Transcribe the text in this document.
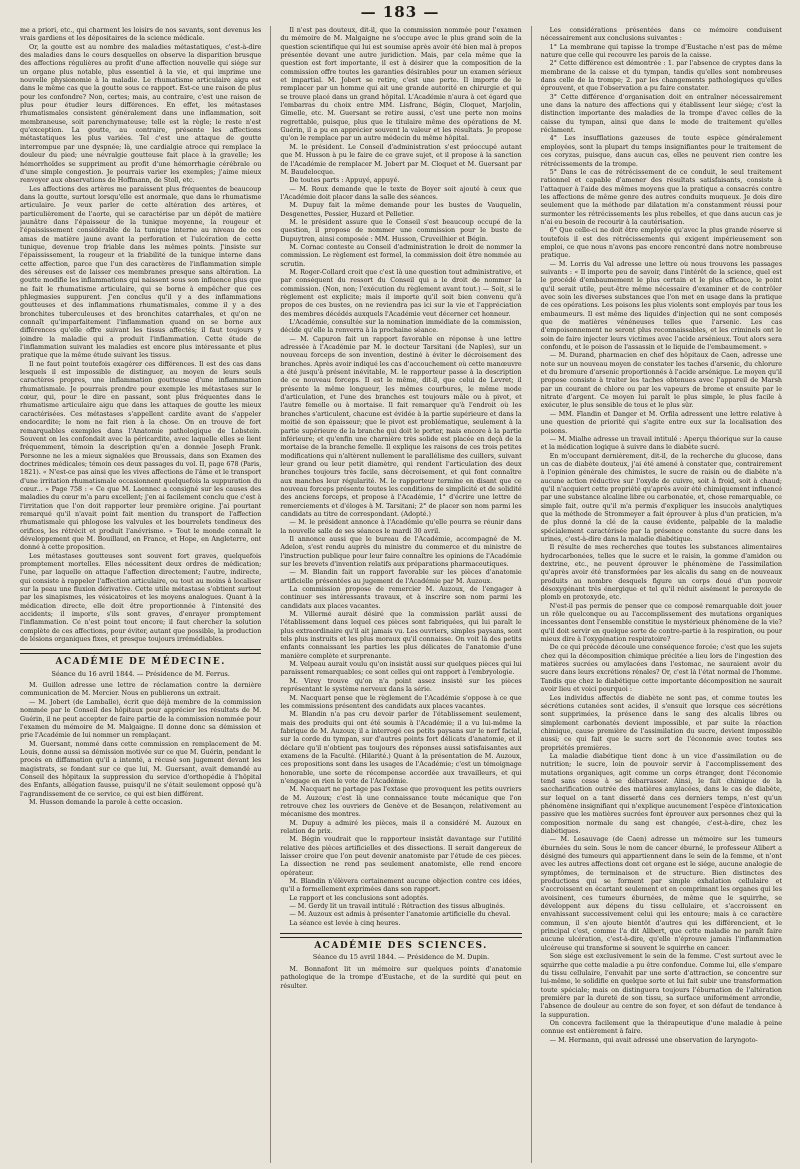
— 183 —

me a priori, etc., qui charment les loisirs de nos savants, sont devenus les vrais gardiens et les dépositaires de la science médicale.

Or, la goutte est au nombre des maladies métastatiques, c'est-à-dire des maladies dans le cours desquelles on observe la disparition brusque des affections régulières au profit d'une affection nouvelle qui siége sur un organe plus notable, plus essentiel à la vie, et qui imprime une nouvelle physionomie à la maladie. Le rhumatisme articulaire aigu est dans le même cas que la goutte sous ce rapport. Est-ce une raison de plus pour les confondre? Non, certes; mais, au contraire, c'est une raison de plus pour étudier leurs différences. En effet, les métastases rhumatismales consistent généralement dans une inflammation, soit membraneuse, soit parenchymateuse; telle est la règle; le reste n'est qu'exception. La goutte, au contraire, présente les affections métastatiques les plus variées. Tel c'est une attaque de goutte interrompue par une dyspnée; là, une cardialgie atroce qui remplace la douleur du pied; une névralgie goutteuse fait place à la gravelle; les hémorrhoïdes se suppriment au profit d'une hémorrhagie cérébrale ou d'une simple congestion. Je pourrais varier les exemples; j'aime mieux renvoyer aux observations de Hoffmann, de Stoll, etc.

Les affections des artères me paraissent plus fréquentes de beaucoup dans la goutte, surtout lorsqu'elle est anormale, que dans le rhumatisme articulaire. Je veux parler de cette altération des artères, et particulièrement de l'aorte, qui se caractérise par un dépôt de matière jaunâtre dans l'épaisseur de la tunique moyenne, la rougeur et l'épaississement considérable de la tunique interne au niveau de ces amas de matière jaune avant la perforation et l'ulcération de cette tunique, devenue trop friable dans les mêmes points. J'insiste sur l'épaississement, la rougeur et la friabilité de la tunique interne dans cette affection, parce que l'un des caractères de l'inflammation simple des séreuses est de laisser ces membranes presque sans altération. La goutte modifie les inflammations qui naissent sous son influence plus que ne fait le rhumatisme articulaire, qui se borne à empêcher que ces phlegmasies suppurent. J'en conclus qu'il y a des inflammations goutteuses et des inflammations rhumatismales, comme il y a des bronchites tuberculeuses et des bronchites catarrhales, et qu'on ne connaît qu'imparfaitement l'inflammation quand on se borne aux différences qu'elle offre suivant les tissus affectés; il faut toujours y joindre la maladie qui a produit l'inflammation. Cette étude de l'inflammation suivant les maladies est encore plus intéressante et plus pratique que la même étude suivant les tissus.

Il ne faut point toutefois exagérer ces différences. Il est des cas dans lesquels il est impossible de distinguer, au moyen de leurs seuls caractères propres, une inflammation goutteuse d'une inflammation rhumatismale. Je pourrais prendre pour exemple les métastases sur le cœur, qui, pour le dire en passant, sont plus fréquentes dans le rhumatisme articulaire aigu que dans les attaques de goutte les mieux caractérisées. Ces métastases s'appellent cardite avant de s'appeler endocardite; le nom ne fait rien à la chose. On en trouve de fort remarquables exemples dans l'Anatomie pathologique de Lobstein. Souvent on les confondait avec la péricardite, avec laquelle elles se lient fréquemment, témoin la description qu'en a donnée Joseph Frank. Personne ne les a mieux signalées que Broussais, dans son Examen des doctrines médicales; témoin ces deux passages du vol. II, page 678 (Paris, 1821). « N'est-ce pas ainsi que les vives affections de l'âme et le transport d'une irritation rhumatismale occasionnent quelquefois la suppuration du cœur... » Page 758 : « Ce que M. Laennec a consigné sur les causes des maladies du cœur m'a paru excellent; j'en ai facilement conclu que c'est à l'irritation que l'on doit rapporter leur première origine. J'ai pourtant remarqué qu'il n'avait point fait mention du transport de l'affection rhumatismale qui phlogose les valvules et les bourrelets tendineux des orifices, les rétrécit et produit l'anévrisme. » Tout le monde connaît le développement que M. Bouillaud, en France, et Hope, en Angleterre, ont donné à cette proposition.

Les métastases goutteuses sont souvent fort graves, quelquefois promptement mortelles. Elles nécessitent deux ordres de médication; l'une, par laquelle on attaque l'affection directement; l'autre, indirecte, qui consiste à rappeler l'affection articulaire, ou tout au moins à localiser sur la peau une fluxion dérivative. Cette utile métastase s'obtient surtout par les sinapismes, les vésicatoires et les moyens analogues. Quant à la médication directe, elle doit être proportionnée à l'intensité des accidents; il importe, s'ils sont graves, d'enrayer promptement l'inflammation. Ce n'est point tout encore; il faut chercher la solution complète de ces affections, pour éviter, autant que possible, la production de lésions organiques fixes, et presque toujours irrémédiables.

ACADÉMIE DE MÉDECINE.
Séance du 16 avril 1844. — Présidence de M. Ferrus.

M. Guillon adresse une lettre de réclamation contre la dernière communication de M. Mercier. Nous en publierons un extrait.

— M. Jobert (de Lamballe), écrit que déjà membre de la commission nommée par le Conseil des hôpitaux pour apprécier les résultats de M. Guérin, il ne peut accepter de faire partie de la commission nommée pour l'examen du mémoire de M. Malgaigne. Il donne donc sa démission et prie l'Académie de lui nommer un remplaçant.

M. Guersant, nommé dans cette commission en remplacement de M. Louis, donne aussi sa démission motivée sur ce que M. Guérin, pendant le procès en diffamation qu'il a intenté, a récusé son jugement devant les magistrats, se fondant sur ce que lui, M. Guersant, avait demandé au Conseil des hôpitaux la suppression du service d'orthopédie à l'hôpital des Enfants, allégation fausse, puisqu'il ne s'était seulement opposé qu'à l'agrandissement de ce service, ce qui est bien différent.

M. Husson demande la parole à cette occasion.

Il n'est pas douteux, dit-il, que la commission nommée pour l'examen du mémoire de M. Malgaigne ne s'occupe avec le plus grand soin de la question scientifique qui lui est soumise après avoir été bien mal à propos présentée devant une autre juridiction. Mais, par cela même que la question est fort importante, il est à désirer que la composition de la commission offre toutes les garanties désirables pour un examen sérieux et impartial. M. Jobert se retire, c'est une perte. Il importe de le remplacer par un homme qui ait une grande autorité en chirurgie et qui se trouve placé dans un grand hôpital. L'Académie n'aura à cet égard que l'embarras du choix entre MM. Lisfranc, Bégin, Cloquet, Marjolin, Gimelle, etc. M. Guersant se retire aussi, c'est une perte non moins regrettable, puisque, plus que le titulaire même des opérations de M. Guérin, il a pu en apprécier souvent la valeur et les résultats. Je propose qu'on le remplace par un autre médecin du même hôpital.

M. le président. Le Conseil d'administration s'est préoccupé autant que M. Husson à pu le faire de ce grave sujet, et il propose à la sanction de l'Académie de remplacer M. Jobert par M. Cloquet et M. Guersant par M. Baudelocque.

De toutes parts : Appuyé, appuyé.

— M. Roux demande que le texte de Boyer soit ajouté à ceux que l'Académie doit placer dans la salle des séances.

M. Dupuy fait la même demande pour les bustes de Vauquelin, Desgenettes, Pessier, Huzard et Pelletier.

M. le président assure que le Conseil s'est beaucoup occupé de la question, il propose de nommer une commission pour le buste de Dupuytren, ainsi composée : MM. Husson, Cruveilhier et Bégin.

M. Cornac conteste au Conseil d'administration le droit de nommer la commission. Le règlement est formel, la commission doit être nommée au scrutin.

M. Roger-Collard croit que c'est là une question tout administrative, et par conséquent du ressort du Conseil qui a le droit de nommer la commission. (Non, non; l'exécution du règlement avant tout.) — Soit, si le règlement est explicite; mais il importe qu'il soit bien convenu qu'à propos de ces bustes, on ne reviendra pas ici sur la vie et l'appréciation des membres décédés auxquels l'Académie veut décerner cet honneur.

L'Académie, consultée sur la nomination immédiate de la commission, décide qu'elle la renverra à la prochaine séance.

— M. Capuron fait un rapport favorable en réponse à une lettre adressée à l'Académie par M. le docteur Tarsitani (de Naples), sur un nouveau forceps de son invention, destiné à éviter le décroisement des branches. Après avoir indiqué les cas d'accouchement où cette manœuvre a été jusqu'à présent inévitable, M. le rapporteur passe à la description de ce nouveau forceps. Il est le même, dit-il, que celui de Levret; il présente la même longueur, les mêmes courbures, le même mode d'articulation, et l'une des branches est toujours mâle ou à pivot, et l'autre femelle ou à mortaise. Il fait remarquer qu'à l'endroit où les branches s'articulent, chacune est évidée à la partie supérieure et dans la moitié de son épaisseur; que le pivot est problématique, seulement à la partie supérieure de la branche qui doit le porter, mais encore à la partie inférieure; et qu'enfin une charnière très solide est placée en deçà de la mortaise de la branche femelle. Il explique les raisons de ces trois petites modifications qui n'altèrent nullement le parallélisme des cuillers, suivant leur grand ou leur petit diamètre, qui rendent l'articulation des deux branches toujours très facile, sans décroisement, et qui font connaître aux manches leur régularité. M. le rapporteur termine en disant que ce nouveau forceps présente toutes les conditions de simplicité et de solidité des anciens forceps, et propose à l'Académie, 1° d'écrire une lettre de remerciements et d'éloges à M. Tarsitani; 2° de placer son nom parmi les candidats au titre de correspondant. (Adopté.)

— M. le président annonce à l'Académie qu'elle pourra se réunir dans la nouvelle salle de ses séances le mardi 30 avril.

Il annonce aussi que le bureau de l'Académie, accompagné de M. Adelon, s'est rendu auprès du ministre du commerce et du ministre de l'instruction publique pour leur faire connaître les opinions de l'Académie sur les brevets d'invention relatifs aux préparations pharmaceutiques.

— M. Blandin fait un rapport favorable sur les pièces d'anatomie artificielle présentées au jugement de l'Académie par M. Auzoux.

La commission propose de remercier M. Auzoux, de l'engager à continuer ses intéressants travaux, et à inscrire son nom parmi les candidats aux places vacantes.

M. Villermé aurait désiré que la commission parlât aussi de l'établissement dans lequel ces pièces sont fabriquées, qui lui paraît le plus extraordinaire qu'il ait jamais vu. Les ouvriers, simples paysans, sont tels plus instruits et les plus moraux qu'il connaisse. On voit là des petits enfants connaissant les parties les plus délicates de l'anatomie d'une manière complète et surprenante.

M. Velpeau aurait voulu qu'on insistât aussi sur quelques pièces qui lui paraissent remarquables; ce sont celles qui ont rapport à l'embryologie.

M. Virey trouve qu'on n'a point assez insisté sur les pièces représentant le système nerveux dans la série.

M. Nacquart pense que le règlement de l'Académie s'oppose à ce que les commissions présentent des candidats aux places vacantes.

M. Blandin n'a pas cru devoir parler de l'établissement seulement, mais des produits qui ont été soumis à l'Académie; il a vu lui-même la fabrique de M. Auzoux; il a interrogé ces petits paysans sur le nerf facial, sur la corde du tympan, sur d'autres points fort délicats d'anatomie, et il déclare qu'il n'obtient pas toujours des réponses aussi satisfaisantes aux examens de la Faculté. (Hilarité.) Quant à la présentation de M. Auzoux, ces propositions sont dans les usages de l'Académie; c'est un témoignage honorable, une sorte de récompense accordée aux travailleurs, et qui n'engage en rien le vote de l'Académie.

M. Nacquart ne partage pas l'extase que provoquent les petits ouvriers de M. Auzoux; c'est là une connaissance toute mécanique que l'on retrouve chez les ouvriers de Genève et de Besançon, relativement au mécanisme des montres.

M. Dupuy a admiré les pièces, mais il a considéré M. Auzoux en relation de prix.

M. Bégin voudrait que le rapporteur insistât davantage sur l'utilité relative des pièces artificielles et des dissections. Il serait dangereux de laisser croire que l'on peut devenir anatomiste par l'étude de ces pièces. La dissection ne rend pas seulement anatomiste, elle rend encore opérateur.

M. Blandin n'élèvera certainement aucune objection contre ces idées, qu'il a formellement exprimées dans son rapport.

Le rapport et les conclusions sont adoptés.

— M. Gerdy lit un travail intitulé : Rétraction des tissus albuginés.

— M. Auzoux est admis à présenter l'anatomie artificielle du cheval.

La séance est levée à cinq heures.

ACADÉMIE DES SCIENCES.
Séance du 15 avril 1844. — Présidence de M. Dupin.

M. Bonnafont lit un mémoire sur quelques points d'anatomie pathologique de la trompe d'Eustache, et de la surdité qui peut en résulter.

Les considérations présentées dans ce mémoire conduisent nécessairement aux conclusions suivantes :

1° La membrane qui tapisse la trompe d'Eustache n'est pas de même nature que celle qui recouvre les parois de la caisse.

2° Cette différence est démontrée : 1. par l'absence de cryptes dans la membrane de la caisse et du tympan, tandis qu'elles sont nombreuses dans celle de la trompe; 2. par les changements pathologiques qu'elles éprouvent, et que l'observation a pu faire constater.

3° Cette différence d'organisation doit en entraîner nécessairement une dans la nature des affections qui y établissent leur siége; c'est la distinction importante des maladies de la trompe d'avec celles de la caisse du tympan, ainsi que dans le mode de traitement qu'elles réclament.

4° Les insufflations gazeuses de toute espèce généralement employées, sont la plupart du temps insignifiantes pour le traitement de ces coryzas, puisque, dans aucun cas, elles ne peuvent rien contre les rétrécissements de la trompe.

5° Dans le cas de rétrécissement de ce conduit, le seul traitement rationnel et capable d'amener des résultats satisfaisants, consiste à l'attaquer à l'aide des mêmes moyens que la pratique a consacrés contre les affections de même genre des autres conduits muqueux. Je dois dire seulement que la méthode par dilatation m'a constamment réussi pour surmonter les rétrécissements les plus rebelles, et que dans aucun cas je n'ai eu besoin de recourir à la cautérisation.

6° Que celle-ci ne doit être employée qu'avec la plus grande réserve si toutefois il est des rétrécissements qui exigent impérieusement son emploi, ce que nous n'avons pas encore rencontré dans notre nombreuse pratique.

— M. Lorris du Val adresse une lettre où nous trouvons les passages suivants : « Il importe peu de savoir, dans l'intérêt de la science, quel est le procédé d'embaumement le plus certain et le plus efficace, le point qu'il serait utile, peut-être même nécessaire d'examiner et de contrôler avec soin les diverses substances que l'on met en usage dans la pratique de ces opérations. Les poisons les plus violents sont employés par tous les embaumeurs. Il est même des liquides d'injection qui ne sont composés que de matières vénéneuses telles que l'arsenic. Les cas d'empoisonnement ne seront plus reconnaissables, et les criminels ont le soin de faire injecter leurs victimes avec l'acide arsénieux. Tout alors sera confondu, et le poison de l'assassin et le liquide de l'embaumement. »

— M. Durand, pharmacien en chef des hôpitaux de Caen, adresse une note sur un nouveau moyen de constater les taches d'arsenic, du chlorure et du bromure d'arsenic proportionnés à l'acide arsénique. Le moyen qu'il propose consiste à traiter les taches obtenues avec l'appareil de Marsh par un courant de chlore ou par les vapeurs de brome et ensuite par le nitrate d'argent. Ce moyen lui paraît le plus simple, le plus facile à exécuter, le plus sensible de tous et le plus sûr.

— MM. Flandin et Danger et M. Orfila adressent une lettre relative à une question de priorité qui s'agite entre eux sur la localisation des poisons.

— M. Mialhe adresse un travail intitulé : Aperçu théorique sur la cause et la médication logique à suivre dans le diabète sucré.

En m'occupant dernièrement, dit-il, de la recherche du glucose, dans un cas de diabète douteux, j'ai été amené à constater que, contrairement à l'opinion générale des chimistes, le sucre de raisin ou de diabète n'a aucune action réductive sur l'oxyde de cuivre, soit à froid, soit à chaud; qu'il n'acquiert cette propriété qu'après avoir été chimiquement influencé par une substance alcaline libre ou carbonatée, et, chose remarquable, ce simple fait, outre qu'il m'a permis d'expliquer les insuccès analytiques que la méthode de Strommeyer a fait éprouver à plus d'un praticien, m'a de plus donné la clé de la cause évidente, palpable de la maladie spécialement caractérisée par la présence constante du sucre dans les urines, c'est-à-dire dans la maladie diabétique.

Il résulte de mes recherches que toutes les substances alimentaires hydrocarbonées, telles que le sucre et le raisin, la gomme d'amidon ou dextrine, etc., ne peuvent éprouver le phénomène de l'assimilation qu'après avoir été transformées par les alcalis du sang en de nouveaux produits au nombre desquels figure un corps doué d'un pouvoir désoxygénant très énergique et tel qu'il réduit aisément le peroxyde de plomb en protoxyde, etc.

N'est-il pas permis de penser que ce composé remarquable doit jouer un rôle quelconque ou au l'accomplissement des mutations organiques incessantes dont l'ensemble constitue le mystérieux phénomène de la vie? qu'il doit servir en quelque sorte de contre-partie à la respiration, ou pour mieux dire à l'oxygénation respiratoire?

De ce qui précède découle une conséquence forcée; c'est que les sujets chez qui la décomposition chimique précitée a lieu lors de l'ingestion des matières sucrées ou amylacées dans l'estomac, ne sauraient avoir du sucre dans leurs excrétions rénales? Or, c'est là l'état normal de l'homme. Tandis que chez le diabétique cette importante décomposition ne saurait avoir lieu et voici pourquoi :

Les individus affectés de diabète ne sont pas, et comme toutes les sécrétions cutanées sont acides, il s'ensuit que lorsque ces sécrétions sont supprimées, la présence dans le sang des alcalis libres ou simplement carbonatés devient impossible, et par suite la réaction chimique, cause première de l'assimilation du sucre, devient impossible aussi; ce qui fait que le sucre sort de l'économie avec toutes ses propriétés premières.

La maladie diabétique tient donc à un vice d'assimilation ou de nutrition; le sucre, loin de pouvoir servir à l'accomplissement des mutations organiques, agit comme un corps étranger, dont l'économie tend sans cesse à se débarrasser. Ainsi, le fait chimique de la saccharification outrée des matières amylacées, dans le cas de diabète, sur lequel on a tant disserté dans ces derniers temps, n'est qu'un phénomène insignifiant qui n'explique aucunement l'espèce d'intoxication passive que les matières sucrées font éprouver aux personnes chez qui la composition normale du sang est changée, c'est-à-dire, chez les diabétiques.

— M. Lesauvage (de Caen) adresse un mémoire sur les tumeurs éburnées du sein. Sous le nom de cancer éburné, le professeur Alibert a désigné des tumeurs qui appartiennent dans le sein de la femme, et n'ont avec les autres affections dont cet organe est le siége, aucune analogie de symptômes, de terminaison et de structure. Bien distinctes des productions qui se forment par simple exhalation cellulaire et s'accroissent en écartant seulement et en comprimant les organes qui les avoisinent, ces tumeurs éburnées, de même que le squirrhe, se développent aux dépens du tissu cellulaire, et s'accroissent en envahissant successivement celui qui les entoure; mais à ce caractère commun, il s'en ajoute bientôt d'autres qui les différencient, et le principal c'est, comme l'a dit Alibert, que cette maladie ne paraît faire aucune ulcération, c'est-à-dire, qu'elle n'éprouve jamais l'inflammation ulcéreuse qui transforme si souvent le squirrhe en cancer.

Son siége est exclusivement le sein de la femme. C'est surtout avec le squirrhe que cette maladie a pu être confondue. Comme lui, elle s'empare du tissu cellulaire, l'envahit par une sorte d'attraction, se concentre sur lui-même, le solidifie en quelque sorte et lui fait subir une transformation toute spéciale; mais on distinguera toujours l'éburnation de l'altération première par la dureté de son tissu, sa surface uniformément arrondie, l'absence de douleur au centre de son foyer, et son défaut de tendance à la suppuration.

On concevra facilement que la thérapeutique d'une maladie à peine connue est entièrement à faire.

— M. Hermann, qui avait adressé une observation de laryngoto-
